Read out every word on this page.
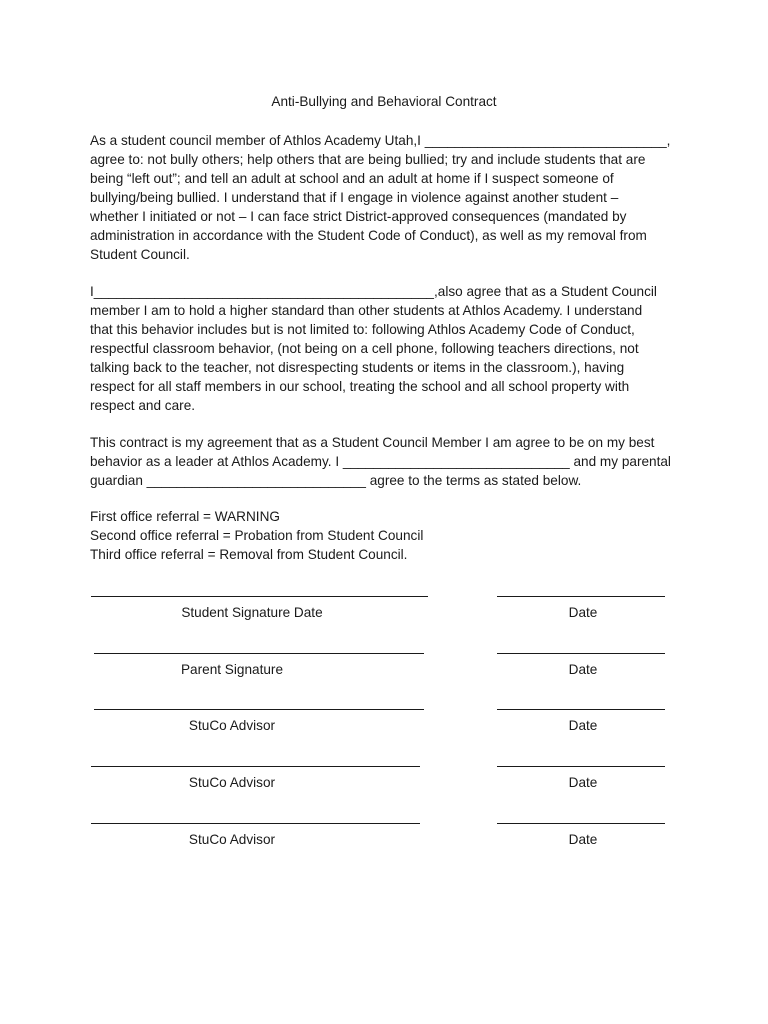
Anti-Bullying and Behavioral Contract
As a student council member of Athlos Academy Utah,I ________________________________,
agree to: not bully others; help others that are being bullied; try and include students that are
being “left out”; and tell an adult at school and an adult at home if I suspect someone of
bullying/being bullied. I understand that if I engage in violence against another student –
whether I initiated or not – I can face strict District-approved consequences (mandated by
administration in accordance with the Student Code of Conduct), as well as my removal from
Student Council.
I_____________________________________________,also agree that as a Student Council
member I am to hold a higher standard than other students at Athlos Academy. I understand
that this behavior includes but is not limited to: following Athlos Academy Code of Conduct,
respectful classroom behavior, (not being on a cell phone, following teachers directions, not
talking back to the teacher, not disrespecting students or items in the classroom.), having
respect for all staff members in our school, treating the school and all school property with
respect and care.
This contract is my agreement that as a Student Council Member I am agree to be on my best
behavior as a leader at Athlos Academy. I ______________________________ and my parental
guardian _____________________________ agree to the terms as stated below.
First office referral = WARNING
Second office referral = Probation from Student Council
Third office referral = Removal from Student Council.
Student Signature Date	Date
Parent Signature	Date
StuCo Advisor	Date
StuCo Advisor	Date
StuCo Advisor	Date
